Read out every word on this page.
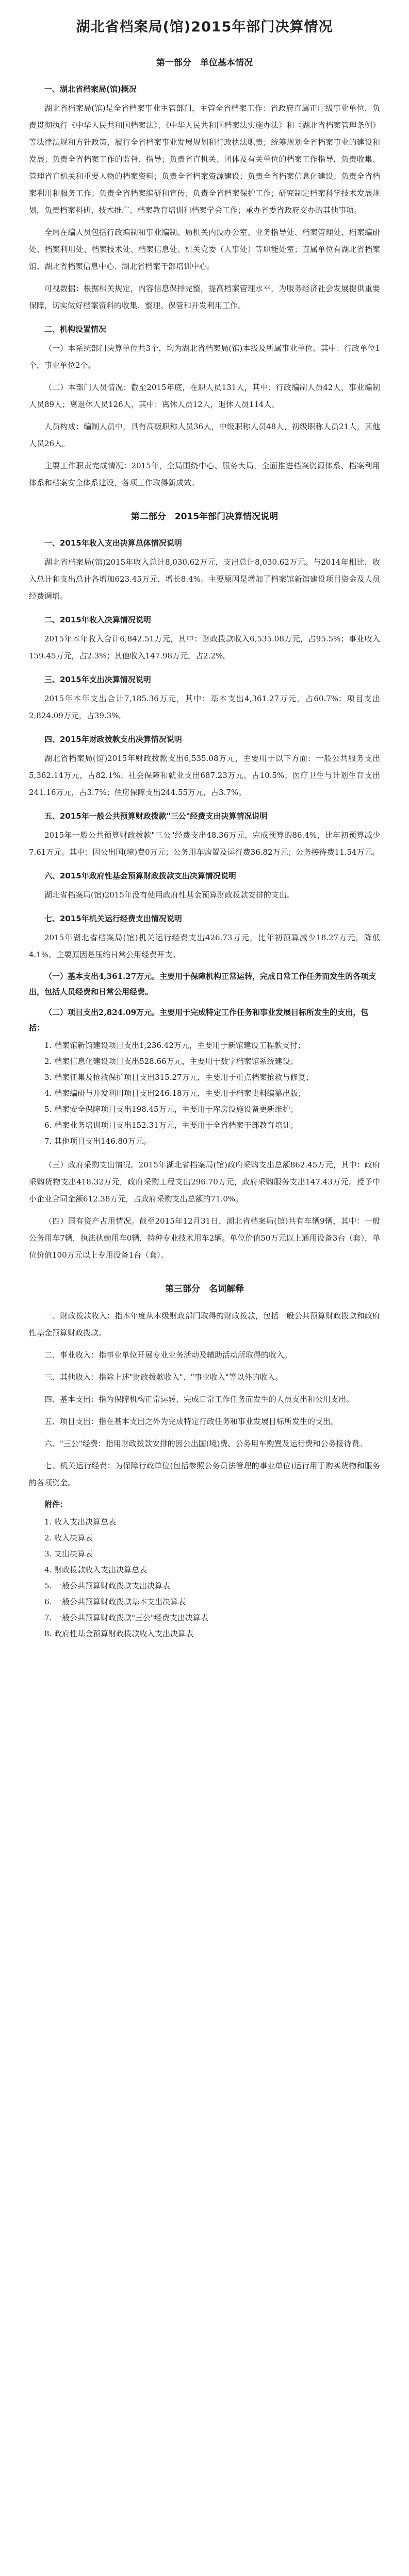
湖北省档案局(馆)2015年部门决算情况
第一部分　单位基本情况
一、湖北省档案局(馆)概况

湖北省档案局(馆)是全省档案事业主管部门，主管全省档案工作：省政府直属正厅级事业单位，负责贯彻执行《中华人民共和国档案法》、《中华人民共和国档案法实施办法》和《湖北省档案管理条例》等法律法规和方针政策，履行全省档案事业发展规划和行政执法职责；统筹规划全省档案事业的建设和发展；负责全省档案工作的监督、指导；负责省直机关、团体及有关单位的档案工作指导，负责收集、管理省直机关和重要人物的档案资料；负责全省档案资源建设；负责全省档案信息化建设；负责全省档案利用和服务工作；负责全省档案编研和宣传；负责全省档案保护工作；研究制定档案科学技术发展规划，负责档案科研、技术推广、档案教育培训和档案学会工作；承办省委省政府交办的其他事项。

全局在编人员包括行政编制和事业编制。局机关内设办公室、业务指导处、档案管理处、档案编研处、档案利用处、档案技术处、档案信息处、机关党委（人事处）等职能处室；直属单位有湖北省档案馆、湖北省档案信息中心、湖北省档案干部培训中心。

可视数据：根据相关规定，内容信息保持完整，提高档案管理水平，为服务经济社会发展提供重要保障，切实做好档案资料的收集、整理、保管和开发利用工作。

二、机构设置情况

（一）本系统部门决算单位共3个，均为湖北省档案局(馆)本级及所属事业单位。其中：行政单位1个，事业单位2个。

（二）本部门人员情况：截至2015年底，在职人员131人，其中：行政编制人员42人，事业编制人员89人；离退休人员126人，其中：离休人员12人，退休人员114人。

人员构成：编制人员中，具有高级职称人员36人，中级职称人员48人，初级职称人员21人，其他人员26人。

主要工作职责完成情况：2015年，全局围绕中心、服务大局，全面推进档案资源体系、档案利用体系和档案安全体系建设，各项工作取得新成效。

第二部分　2015年部门决算情况说明
一、2015年收入支出决算总体情况说明

湖北省档案局(馆)2015年收入总计8,030.62万元，支出总计8,030.62万元。与2014年相比，收入总计和支出总计各增加623.45万元，增长8.4%。主要原因是增加了档案馆新馆建设项目资金及人员经费调增。

二、2015年收入决算情况说明

2015年本年收入合计6,842.51万元，其中：财政拨款收入6,535.08万元，占95.5%；事业收入159.45万元，占2.3%；其他收入147.98万元，占2.2%。

三、2015年支出决算情况说明

2015年本年支出合计7,185.36万元，其中：基本支出4,361.27万元，占60.7%；项目支出2,824.09万元，占39.3%。

四、2015年财政拨款支出决算情况说明

湖北省档案局(馆)2015年财政拨款支出6,535.08万元，主要用于以下方面：一般公共服务支出5,362.14万元，占82.1%；社会保障和就业支出687.23万元，占10.5%；医疗卫生与计划生育支出241.16万元，占3.7%；住房保障支出244.55万元，占3.7%。

五、2015年一般公共预算财政拨款"三公"经费支出决算情况说明

2015年一般公共预算财政拨款"三公"经费支出48.36万元，完成预算的86.4%，比年初预算减少7.61万元。其中：因公出国(境)费0万元；公务用车购置及运行费36.82万元；公务接待费11.54万元。

六、2015年政府性基金预算财政拨款支出决算情况说明

湖北省档案局(馆)2015年没有使用政府性基金预算财政拨款安排的支出。

七、2015年机关运行经费支出情况说明

2015年湖北省档案局(馆)机关运行经费支出426.73万元，比年初预算减少18.27万元，降低4.1%。主要原因是压缩日常公用经费开支。

（一）基本支出4,361.27万元。主要用于保障机构正常运转，完成日常工作任务而发生的各项支出，包括人员经费和日常公用经费。
（二）项目支出2,824.09万元。主要用于完成特定工作任务和事业发展目标所发生的支出，包括：

1. 档案馆新馆建设项目支出1,236.42万元，主要用于新馆建设工程款支付；

2. 档案信息化建设项目支出528.66万元，主要用于数字档案馆系统建设；

3. 档案征集及抢救保护项目支出315.27万元，主要用于重点档案抢救与修复；

4. 档案编研与开发利用项目支出246.18万元，主要用于档案史料编纂出版；

5. 档案安全保障项目支出198.45万元，主要用于库房设施设备更新维护；

6. 档案业务培训项目支出152.31万元，主要用于全省档案干部教育培训；

7. 其他项目支出146.80万元。

（三）政府采购支出情况。2015年湖北省档案局(馆)政府采购支出总额862.45万元，其中：政府采购货物支出418.32万元，政府采购工程支出296.70万元，政府采购服务支出147.43万元。授予中小企业合同金额612.38万元，占政府采购支出总额的71.0%。

（四）国有资产占用情况。截至2015年12月31日，湖北省档案局(馆)共有车辆9辆，其中：一般公务用车7辆，执法执勤用车0辆，特种专业技术用车2辆。单位价值50万元以上通用设备3台（套），单位价值100万元以上专用设备1台（套）。

第三部分　名词解释

一、财政拨款收入：指本年度从本级财政部门取得的财政拨款，包括一般公共预算财政拨款和政府性基金预算财政拨款。

二、事业收入：指事业单位开展专业业务活动及辅助活动所取得的收入。

三、其他收入：指除上述"财政拨款收入"、"事业收入"等以外的收入。

四、基本支出：指为保障机构正常运转、完成日常工作任务而发生的人员支出和公用支出。

五、项目支出：指在基本支出之外为完成特定行政任务和事业发展目标所发生的支出。

六、"三公"经费：指用财政拨款安排的因公出国(境)费、公务用车购置及运行费和公务接待费。

七、机关运行经费：为保障行政单位(包括参照公务员法管理的事业单位)运行用于购买货物和服务的各项资金。

附件：

1. 收入支出决算总表

2. 收入决算表

3. 支出决算表

4. 财政拨款收入支出决算总表

5. 一般公共预算财政拨款支出决算表

6. 一般公共预算财政拨款基本支出决算表

7. 一般公共预算财政拨款"三公"经费支出决算表

8. 政府性基金预算财政拨款收入支出决算表
